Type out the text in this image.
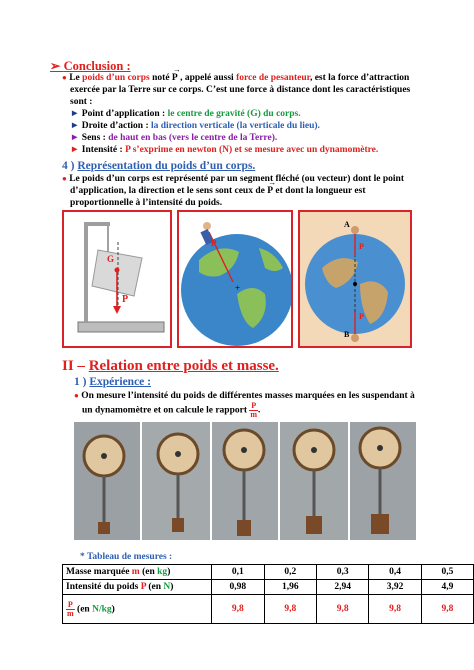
➢ Conclusion :
● Le poids d’un corps noté P → , appelé aussi force de pesanteur, est la force d’attraction
exercée par la Terre sur ce corps. C’est une force à distance dont les caractéristiques
sont :
► Point d’application : le centre de gravité (G) du corps.
► Droite d’action : la direction verticale (la verticale du lieu).
► Sens : de haut en bas (vers le centre de la Terre).
► Intensité : P s’exprime en newton (N) et se mesure avec un dynamomètre.
4 ) Représentation du poids d’un corps.
● Le poids d’un corps est représenté par un segment fléché (ou vecteur) dont le point
d’application, la direction et le sens sont ceux de P → et dont la longueur est
proportionnelle à l’intensité du poids.
G
P
+
P
A
B
P
P
II – Relation entre poids et masse.
1 ) Expérience :
● On mesure l’intensité du poids de différentes masses marquées en les suspendant à
un dynamomètre et on calcule le rapport $\frac{P}{m}$ .
* Tableau de mesures :
Masse marquée m (en kg)	0,1	0,2	0,3	0,4	0,5
Intensité du poids P (en N)	0,98	1,96	2,94	3,92	4,9

$\frac{P}{m} (en$ N/kg)	9,8	9,8	9,8	9,8	9,8
